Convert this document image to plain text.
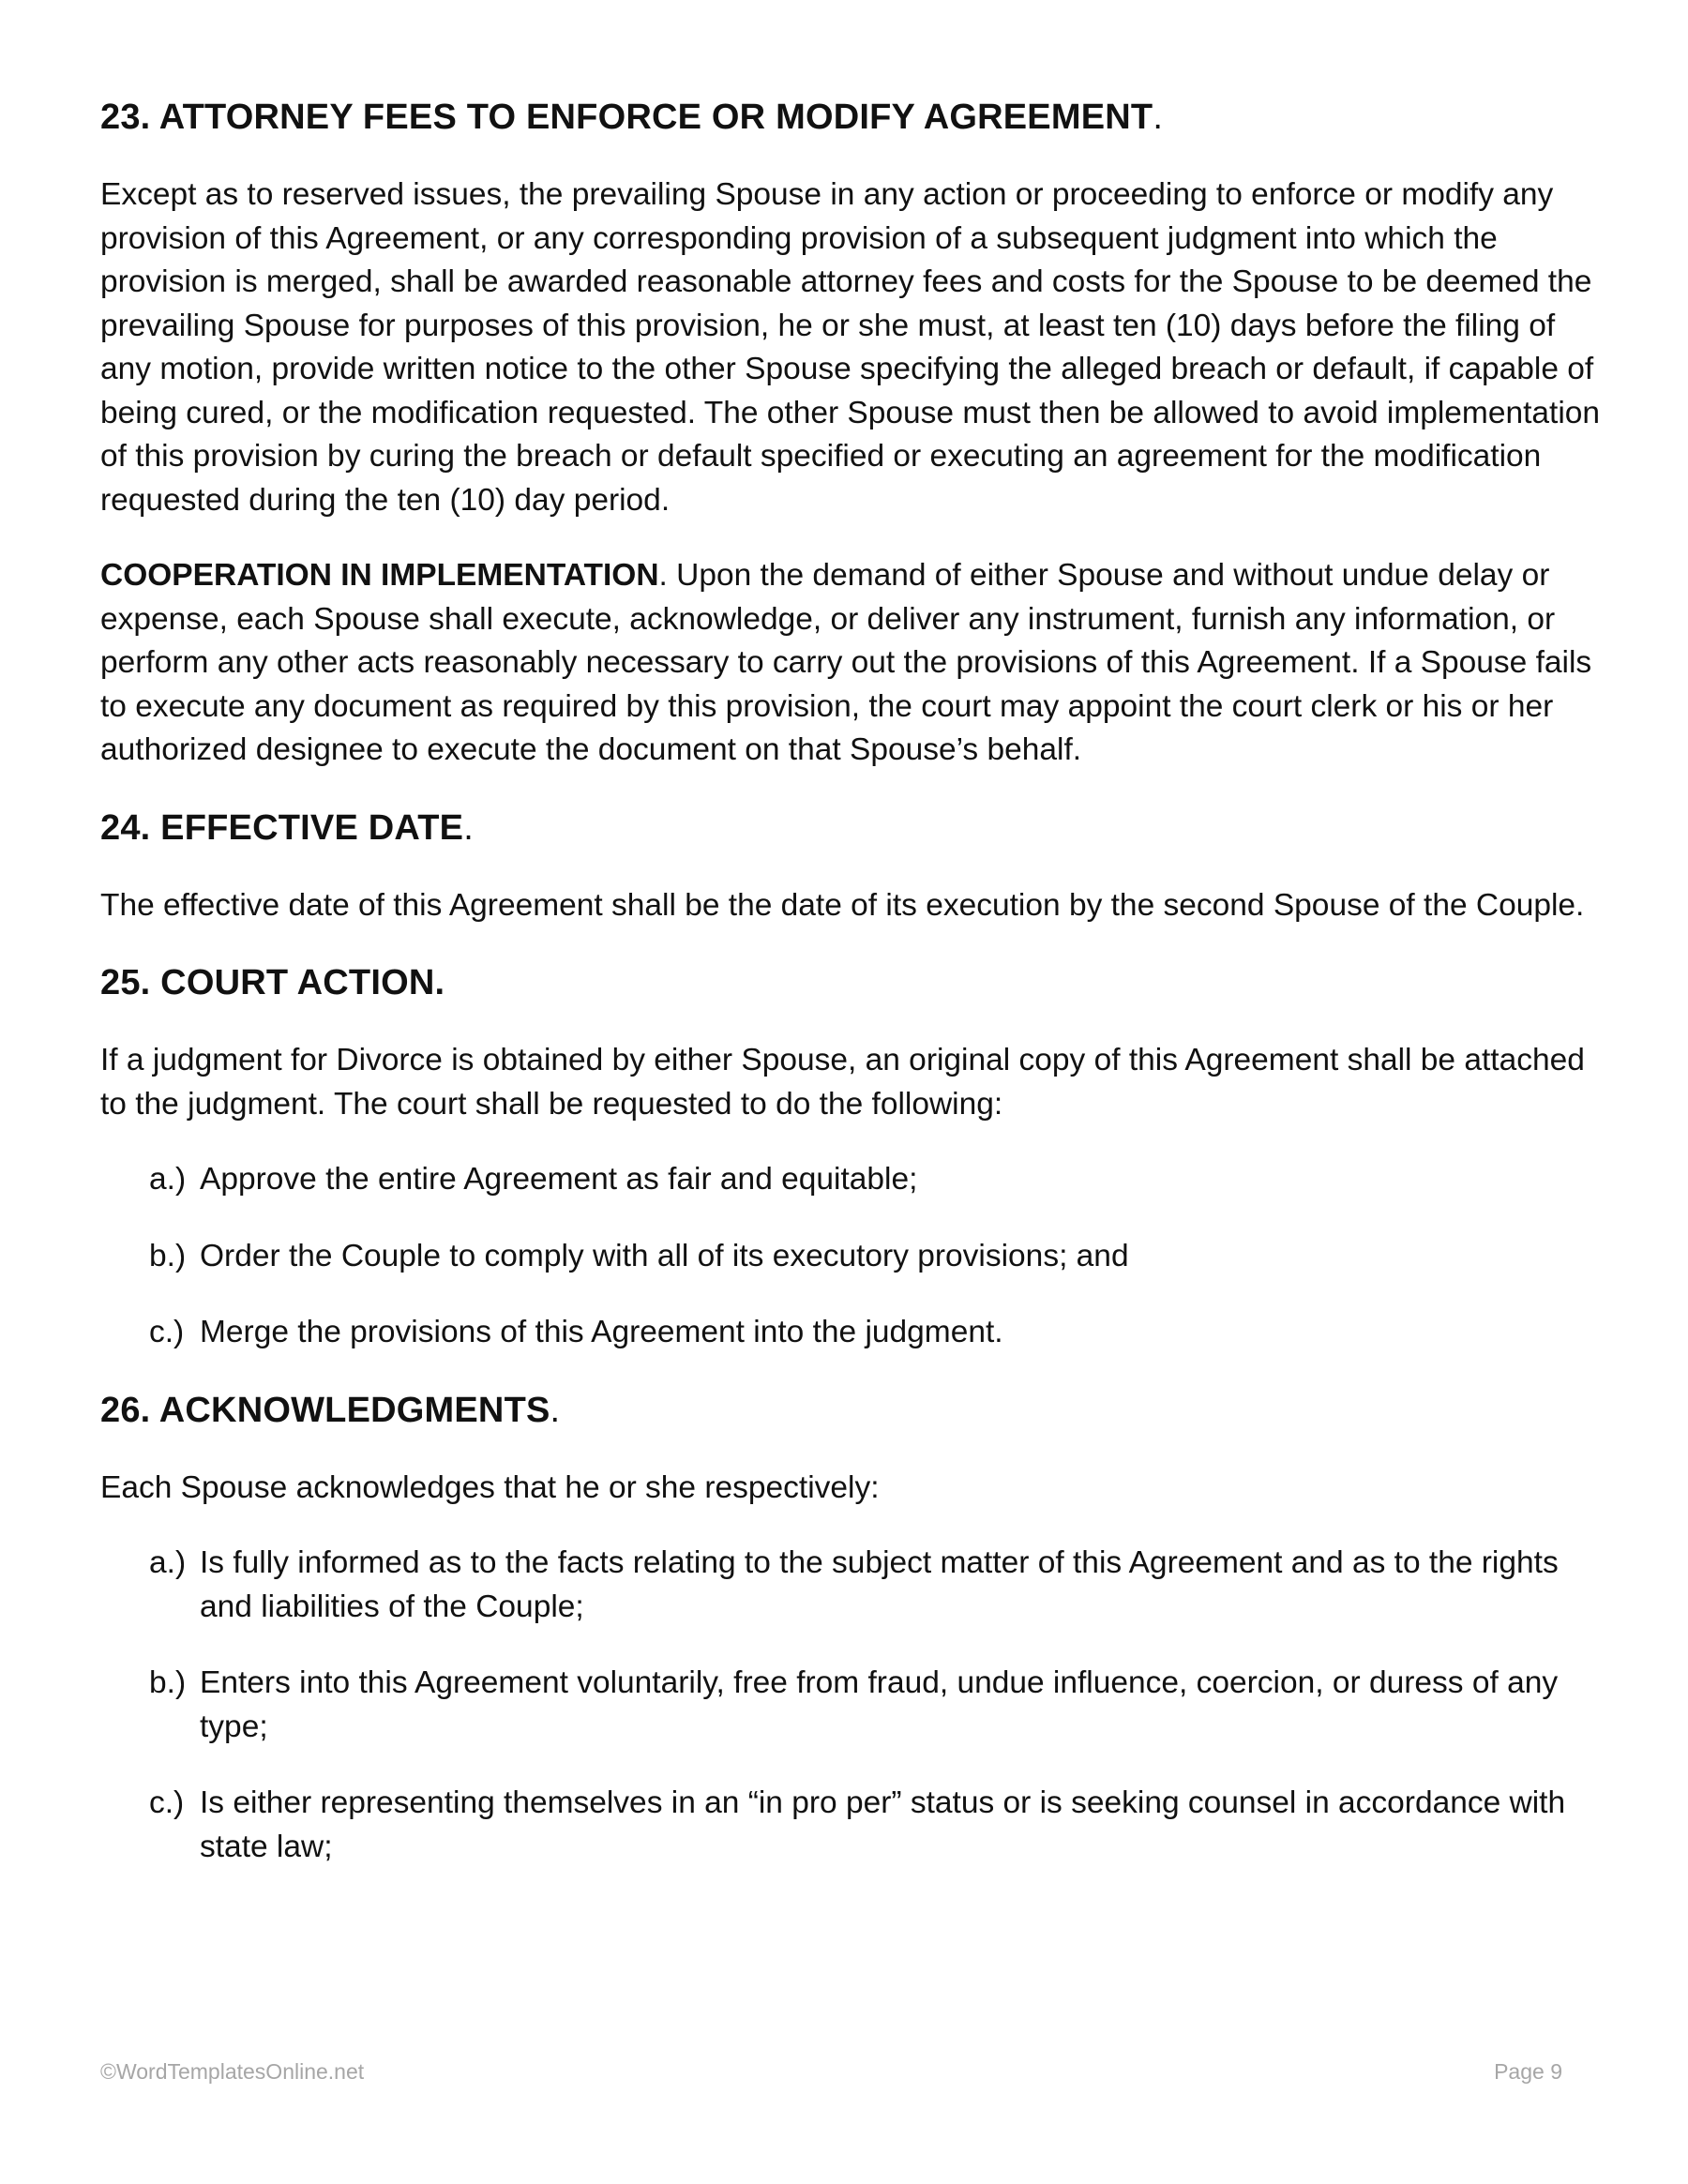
23. ATTORNEY FEES TO ENFORCE OR MODIFY AGREEMENT.

Except as to reserved issues, the prevailing Spouse in any action or proceeding to enforce or modify any provision of this Agreement, or any corresponding provision of a subsequent judgment into which the provision is merged, shall be awarded reasonable attorney fees and costs for the Spouse to be deemed the prevailing Spouse for purposes of this provision, he or she must, at least ten (10) days before the filing of any motion, provide written notice to the other Spouse specifying the alleged breach or default, if capable of being cured, or the modification requested. The other Spouse must then be allowed to avoid implementation of this provision by curing the breach or default specified or executing an agreement for the modification requested during the ten (10) day period.

COOPERATION IN IMPLEMENTATION. Upon the demand of either Spouse and without undue delay or expense, each Spouse shall execute, acknowledge, or deliver any instrument, furnish any information, or perform any other acts reasonably necessary to carry out the provisions of this Agreement. If a Spouse fails to execute any document as required by this provision, the court may appoint the court clerk or his or her authorized designee to execute the document on that Spouse’s behalf.

24. EFFECTIVE DATE.

The effective date of this Agreement shall be the date of its execution by the second Spouse of the Couple.

25. COURT ACTION.

If a judgment for Divorce is obtained by either Spouse, an original copy of this Agreement shall be attached to the judgment. The court shall be requested to do the following:

a.) Approve the entire Agreement as fair and equitable;
b.) Order the Couple to comply with all of its executory provisions; and
c.) Merge the provisions of this Agreement into the judgment.
26. ACKNOWLEDGMENTS.

Each Spouse acknowledges that he or she respectively:

a.) Is fully informed as to the facts relating to the subject matter of this Agreement and as to the rights and liabilities of the Couple;
b.) Enters into this Agreement voluntarily, free from fraud, undue influence, coercion, or duress of any type;
c.) Is either representing themselves in an “in pro per” status or is seeking counsel in accordance with state law;
©WordTemplatesOnline.net	Page 9
